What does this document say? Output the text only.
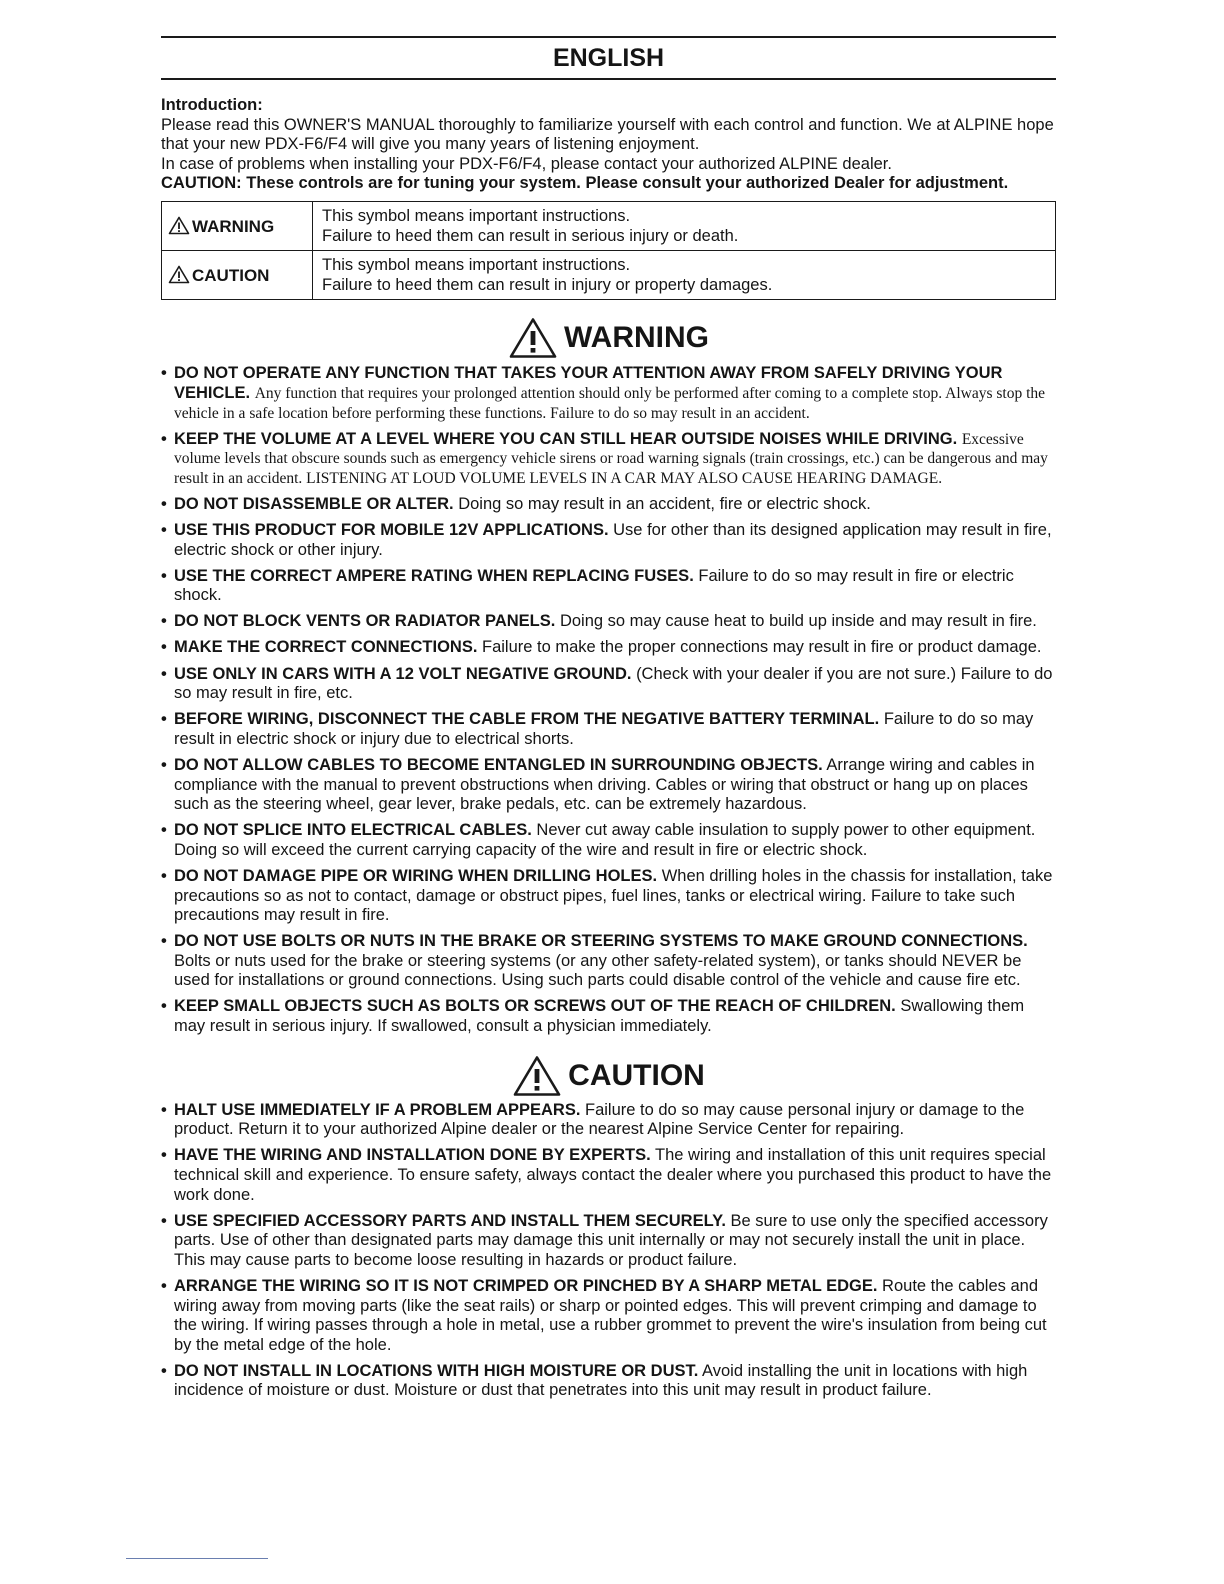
ENGLISH
Introduction:
Please read this OWNER'S MANUAL thoroughly to familiarize yourself with each control and function. We at ALPINE hope that your new PDX-F6/F4 will give you many years of listening enjoyment.
In case of problems when installing your PDX-F6/F4, please contact your authorized ALPINE dealer.
CAUTION: These controls are for tuning your system. Please consult your authorized Dealer for adjustment.
WARNING	This symbol means important instructions.
Failure to heed them can result in serious injury or death.

CAUTION	This symbol means important instructions.
Failure to heed them can result in injury or property damages.
WARNING
• DO NOT OPERATE ANY FUNCTION THAT TAKES YOUR ATTENTION AWAY FROM SAFELY DRIVING YOUR VEHICLE. Any function that requires your prolonged attention should only be performed after coming to a complete stop. Always stop the vehicle in a safe location before performing these functions. Failure to do so may result in an accident.
• KEEP THE VOLUME AT A LEVEL WHERE YOU CAN STILL HEAR OUTSIDE NOISES WHILE DRIVING. Excessive volume levels that obscure sounds such as emergency vehicle sirens or road warning signals (train crossings, etc.) can be dangerous and may result in an accident. LISTENING AT LOUD VOLUME LEVELS IN A CAR MAY ALSO CAUSE HEARING DAMAGE.
• DO NOT DISASSEMBLE OR ALTER. Doing so may result in an accident, fire or electric shock.
• USE THIS PRODUCT FOR MOBILE 12V APPLICATIONS. Use for other than its designed application may result in fire, electric shock or other injury.
• USE THE CORRECT AMPERE RATING WHEN REPLACING FUSES. Failure to do so may result in fire or electric shock.
• DO NOT BLOCK VENTS OR RADIATOR PANELS. Doing so may cause heat to build up inside and may result in fire.
• MAKE THE CORRECT CONNECTIONS. Failure to make the proper connections may result in fire or product damage.
• USE ONLY IN CARS WITH A 12 VOLT NEGATIVE GROUND. (Check with your dealer if you are not sure.) Failure to do so may result in fire, etc.
• BEFORE WIRING, DISCONNECT THE CABLE FROM THE NEGATIVE BATTERY TERMINAL. Failure to do so may result in electric shock or injury due to electrical shorts.
• DO NOT ALLOW CABLES TO BECOME ENTANGLED IN SURROUNDING OBJECTS. Arrange wiring and cables in compliance with the manual to prevent obstructions when driving. Cables or wiring that obstruct or hang up on places such as the steering wheel, gear lever, brake pedals, etc. can be extremely hazardous.
• DO NOT SPLICE INTO ELECTRICAL CABLES. Never cut away cable insulation to supply power to other equipment. Doing so will exceed the current carrying capacity of the wire and result in fire or electric shock.
• DO NOT DAMAGE PIPE OR WIRING WHEN DRILLING HOLES. When drilling holes in the chassis for installation, take precautions so as not to contact, damage or obstruct pipes, fuel lines, tanks or electrical wiring. Failure to take such precautions may result in fire.
• DO NOT USE BOLTS OR NUTS IN THE BRAKE OR STEERING SYSTEMS TO MAKE GROUND CONNECTIONS. Bolts or nuts used for the brake or steering systems (or any other safety-related system), or tanks should NEVER be used for installations or ground connections. Using such parts could disable control of the vehicle and cause fire etc.
• KEEP SMALL OBJECTS SUCH AS BOLTS OR SCREWS OUT OF THE REACH OF CHILDREN. Swallowing them may result in serious injury. If swallowed, consult a physician immediately.
CAUTION
• HALT USE IMMEDIATELY IF A PROBLEM APPEARS. Failure to do so may cause personal injury or damage to the product. Return it to your authorized Alpine dealer or the nearest Alpine Service Center for repairing.
• HAVE THE WIRING AND INSTALLATION DONE BY EXPERTS. The wiring and installation of this unit requires special technical skill and experience. To ensure safety, always contact the dealer where you purchased this product to have the work done.
• USE SPECIFIED ACCESSORY PARTS AND INSTALL THEM SECURELY. Be sure to use only the specified accessory parts. Use of other than designated parts may damage this unit internally or may not securely install the unit in place. This may cause parts to become loose resulting in hazards or product failure.
• ARRANGE THE WIRING SO IT IS NOT CRIMPED OR PINCHED BY A SHARP METAL EDGE. Route the cables and wiring away from moving parts (like the seat rails) or sharp or pointed edges. This will prevent crimping and damage to the wiring. If wiring passes through a hole in metal, use a rubber grommet to prevent the wire's insulation from being cut by the metal edge of the hole.
• DO NOT INSTALL IN LOCATIONS WITH HIGH MOISTURE OR DUST. Avoid installing the unit in locations with high incidence of moisture or dust. Moisture or dust that penetrates into this unit may result in product failure.
